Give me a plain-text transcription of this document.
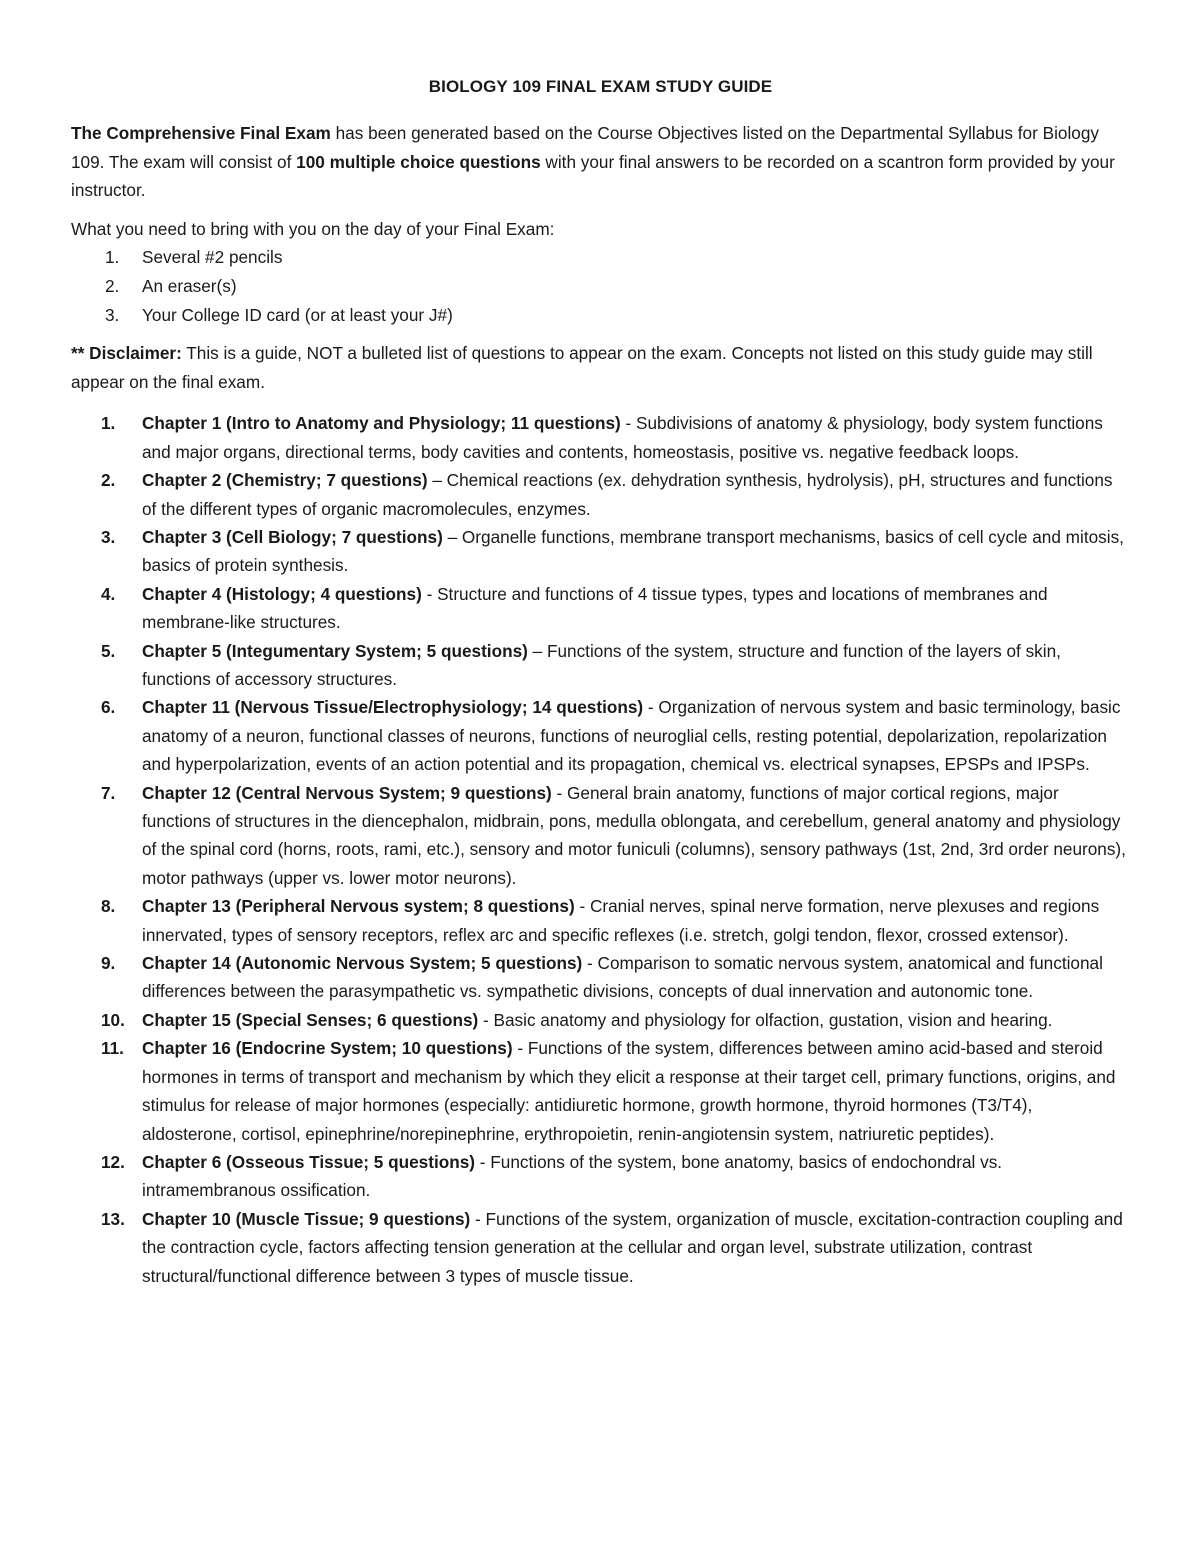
BIOLOGY 109 FINAL EXAM STUDY GUIDE

The Comprehensive Final Exam has been generated based on the Course Objectives listed on the Departmental Syllabus for Biology 109. The exam will consist of 100 multiple choice questions with your final answers to be recorded on a scantron form provided by your instructor.

What you need to bring with you on the day of your Final Exam:

1. Several #2 pencils
2. An eraser(s)
3. Your College ID card (or at least your J#)

** Disclaimer: This is a guide, NOT a bulleted list of questions to appear on the exam. Concepts not listed on this study guide may still appear on the final exam.

1. Chapter 1 (Intro to Anatomy and Physiology; 11 questions) - Subdivisions of anatomy & physiology, body system functions and major organs, directional terms, body cavities and contents, homeostasis, positive vs. negative feedback loops.
2. Chapter 2 (Chemistry; 7 questions) – Chemical reactions (ex. dehydration synthesis, hydrolysis), pH, structures and functions of the different types of organic macromolecules, enzymes.
3. Chapter 3 (Cell Biology; 7 questions) – Organelle functions, membrane transport mechanisms, basics of cell cycle and mitosis, basics of protein synthesis.
4. Chapter 4 (Histology; 4 questions) - Structure and functions of 4 tissue types, types and locations of membranes and membrane-like structures.
5. Chapter 5 (Integumentary System; 5 questions) – Functions of the system, structure and function of the layers of skin, functions of accessory structures.
6. Chapter 11 (Nervous Tissue/Electrophysiology; 14 questions) - Organization of nervous system and basic terminology, basic anatomy of a neuron, functional classes of neurons, functions of neuroglial cells, resting potential, depolarization, repolarization and hyperpolarization, events of an action potential and its propagation, chemical vs. electrical synapses, EPSPs and IPSPs.
7. Chapter 12 (Central Nervous System; 9 questions) - General brain anatomy, functions of major cortical regions, major functions of structures in the diencephalon, midbrain, pons, medulla oblongata, and cerebellum, general anatomy and physiology of the spinal cord (horns, roots, rami, etc.), sensory and motor funiculi (columns), sensory pathways (1st, 2nd, 3rd order neurons), motor pathways (upper vs. lower motor neurons).
8. Chapter 13 (Peripheral Nervous system; 8 questions) - Cranial nerves, spinal nerve formation, nerve plexuses and regions innervated, types of sensory receptors, reflex arc and specific reflexes (i.e. stretch, golgi tendon, flexor, crossed extensor).
9. Chapter 14 (Autonomic Nervous System; 5 questions) - Comparison to somatic nervous system, anatomical and functional differences between the parasympathetic vs. sympathetic divisions, concepts of dual innervation and autonomic tone.
10. Chapter 15 (Special Senses; 6 questions) - Basic anatomy and physiology for olfaction, gustation, vision and hearing.
11. Chapter 16 (Endocrine System; 10 questions) - Functions of the system, differences between amino acid-based and steroid hormones in terms of transport and mechanism by which they elicit a response at their target cell, primary functions, origins, and stimulus for release of major hormones (especially: antidiuretic hormone, growth hormone, thyroid hormones (T3/T4), aldosterone, cortisol, epinephrine/norepinephrine, erythropoietin, renin-angiotensin system, natriuretic peptides).
12. Chapter 6 (Osseous Tissue; 5 questions) - Functions of the system, bone anatomy, basics of endochondral vs. intramembranous ossification.
13. Chapter 10 (Muscle Tissue; 9 questions) - Functions of the system, organization of muscle, excitation-contraction coupling and the contraction cycle, factors affecting tension generation at the cellular and organ level, substrate utilization, contrast structural/functional difference between 3 types of muscle tissue.
